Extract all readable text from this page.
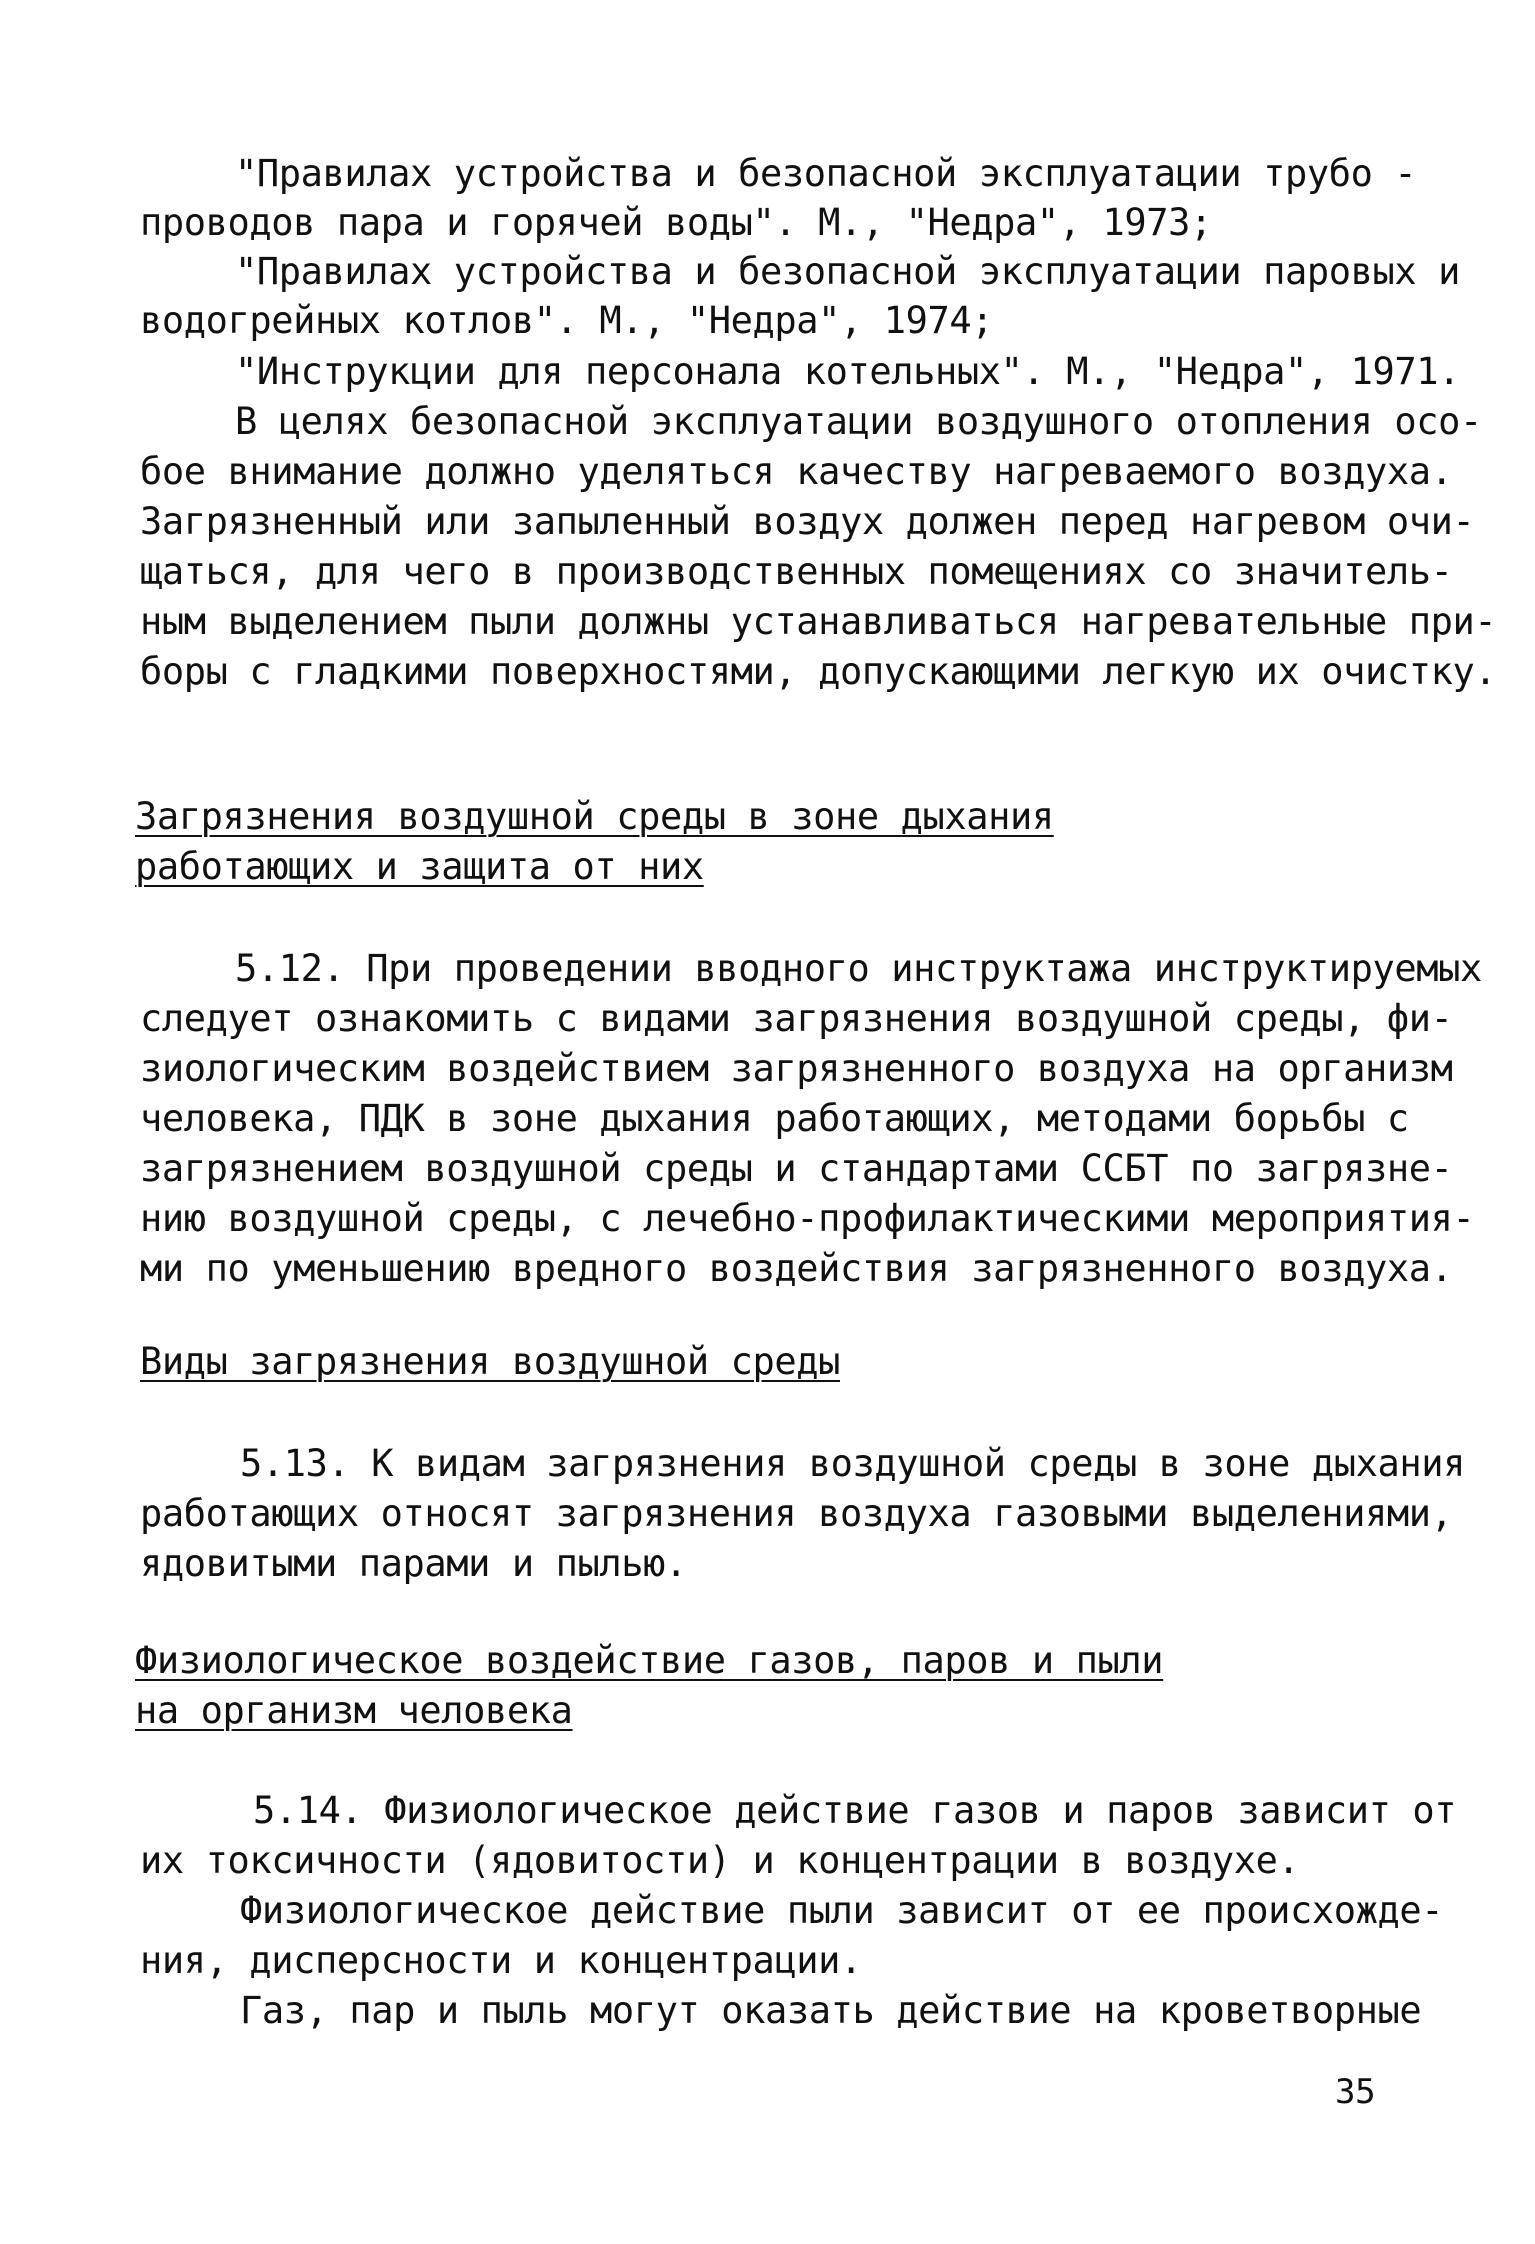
"Правилах устройства и безопасной эксплуатации трубо -
проводов пара и горячей воды". М., "Недра", 1973;
"Правилах устройства и безопасной эксплуатации паровых и
водогрейных котлов". М., "Недра", 1974;
"Инструкции для персонала котельных". М., "Недра", 1971.
В целях безопасной эксплуатации воздушного отопления осо-
бое внимание должно уделяться качеству нагреваемого воздуха.
Загрязненный или запыленный воздух должен перед нагревом очи-
щаться, для чего в производственных помещениях со значитель-
ным выделением пыли должны устанавливаться нагревательные при-
боры с гладкими поверхностями, допускающими легкую их очистку.
Загрязнения воздушной среды в зоне дыхания
работающих и защита от них
5.12. При проведении вводного инструктажа инструктируемых
следует ознакомить с видами загрязнения воздушной среды, фи-
зиологическим воздействием загрязненного воздуха на организм
человека, ПДК в зоне дыхания работающих, методами борьбы с
загрязнением воздушной среды и стандартами ССБТ по загрязне-
нию воздушной среды, с лечебно-профилактическими мероприятия-
ми по уменьшению вредного воздействия загрязненного воздуха.
Виды загрязнения воздушной среды
5.13. К видам загрязнения воздушной среды в зоне дыхания
работающих относят загрязнения воздуха газовыми выделениями,
ядовитыми парами и пылью.
Физиологическое воздействие газов, паров и пыли
на организм человека
5.14. Физиологическое действие газов и паров зависит от
их токсичности (ядовитости) и концентрации в воздухе.
Физиологическое действие пыли зависит от ее происхожде-
ния, дисперсности и концентрации.
Газ, пар и пыль могут оказать действие на кроветворные
35
